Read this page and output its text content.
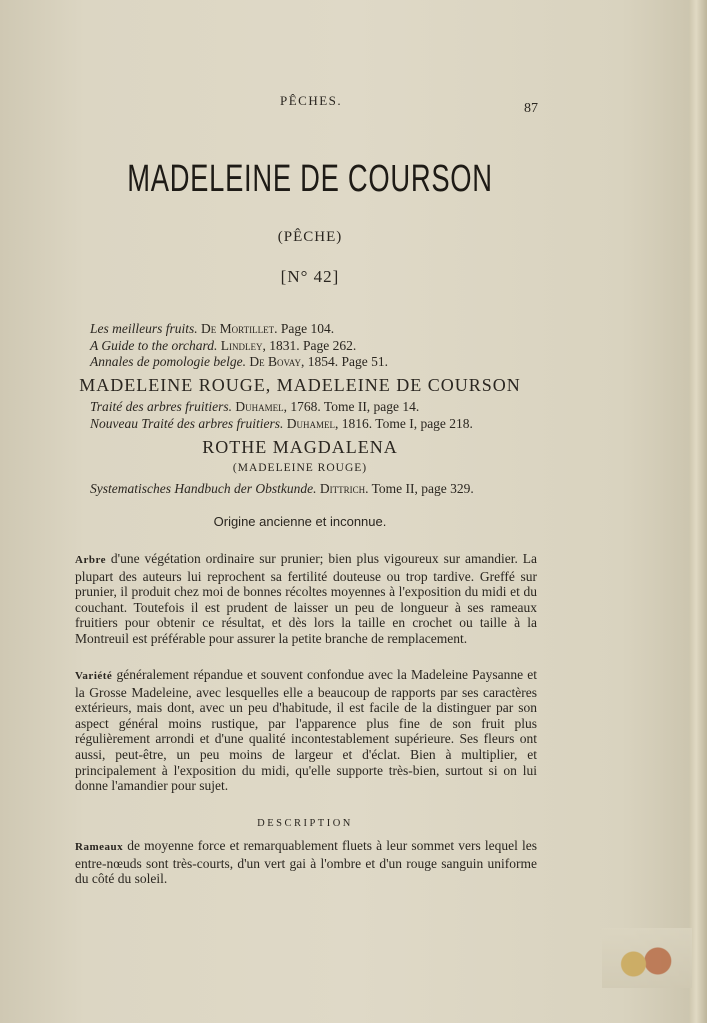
PÊCHES.
87
MADELEINE DE COURSON
(PÊCHE)
[N° 42]
Les meilleurs fruits. De Mortillet. Page 104.
A Guide to the orchard. Lindley, 1831. Page 262.
Annales de pomologie belge. De Bovay, 1854. Page 51.
MADELEINE ROUGE, MADELEINE DE COURSON
Traité des arbres fruitiers. Duhamel, 1768. Tome II, page 14.
Nouveau Traité des arbres fruitiers. Duhamel, 1816. Tome I, page 218.
ROTHE MAGDALENA
(MADELEINE ROUGE)
Systematisches Handbuch der Obstkunde. Dittrich. Tome II, page 329.
Origine ancienne et inconnue.
Arbre d'une végétation ordinaire sur prunier; bien plus vigoureux sur amandier. La plupart des auteurs lui reprochent sa fertilité douteuse ou trop tardive. Greffé sur prunier, il produit chez moi de bonnes récoltes moyennes à l'exposition du midi et du couchant. Toutefois il est prudent de laisser un peu de longueur à ses rameaux fruitiers pour obtenir ce résultat, et dès lors la taille en crochet ou taille à la Montreuil est préférable pour assurer la petite branche de remplacement.
Variété généralement répandue et souvent confondue avec la Madeleine Paysanne et la Grosse Madeleine, avec lesquelles elle a beaucoup de rapports par ses caractères extérieurs, mais dont, avec un peu d'habitude, il est facile de la distinguer par son aspect général moins rustique, par l'apparence plus fine de son fruit plus régulièrement arrondi et d'une qualité incontestablement supérieure. Ses fleurs ont aussi, peut-être, un peu moins de largeur et d'éclat. Bien à multiplier, et principalement à l'exposition du midi, qu'elle supporte très-bien, surtout si on lui donne l'amandier pour sujet.
DESCRIPTION
Rameaux de moyenne force et remarquablement fluets à leur sommet vers lequel les entre-nœuds sont très-courts, d'un vert gai à l'ombre et d'un rouge sanguin uniforme du côté du soleil.
